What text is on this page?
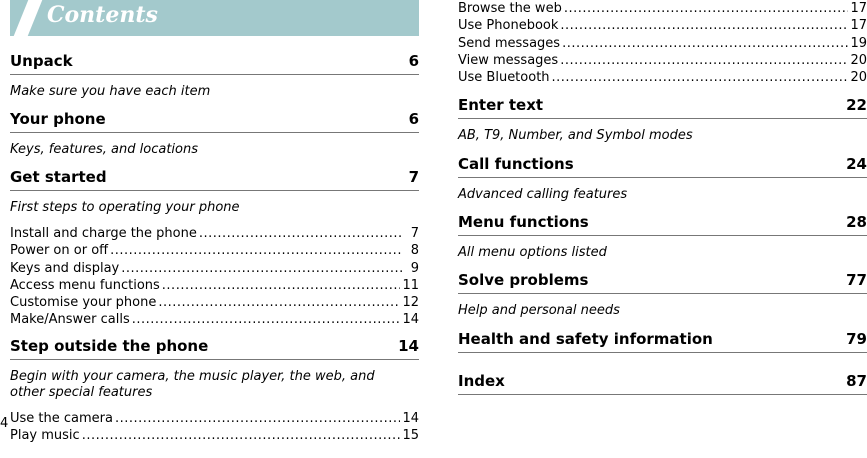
Contents
Unpack	6
Make sure you have each item
Your phone	6
Keys, features, and locations
Get started	7
First steps to operating your phone
Install and charge the phone .....	7
Power on or off .....	8
Keys and display .....	9
Access menu functions .....	11
Customise your phone .....	12
Make/Answer calls .....	14
Step outside the phone	14
Begin with your camera, the music player, the web, and other special features
Use the camera .....	14
Play music .....	15
4
Browse the web .....	17
Use Phonebook .....	17
Send messages .....	19
View messages .....	20
Use Bluetooth .....	20
Enter text	22
AB, T9, Number, and Symbol modes
Call functions	24
Advanced calling features
Menu functions	28
All menu options listed
Solve problems	77
Help and personal needs
Health and safety information	79
Index	87
